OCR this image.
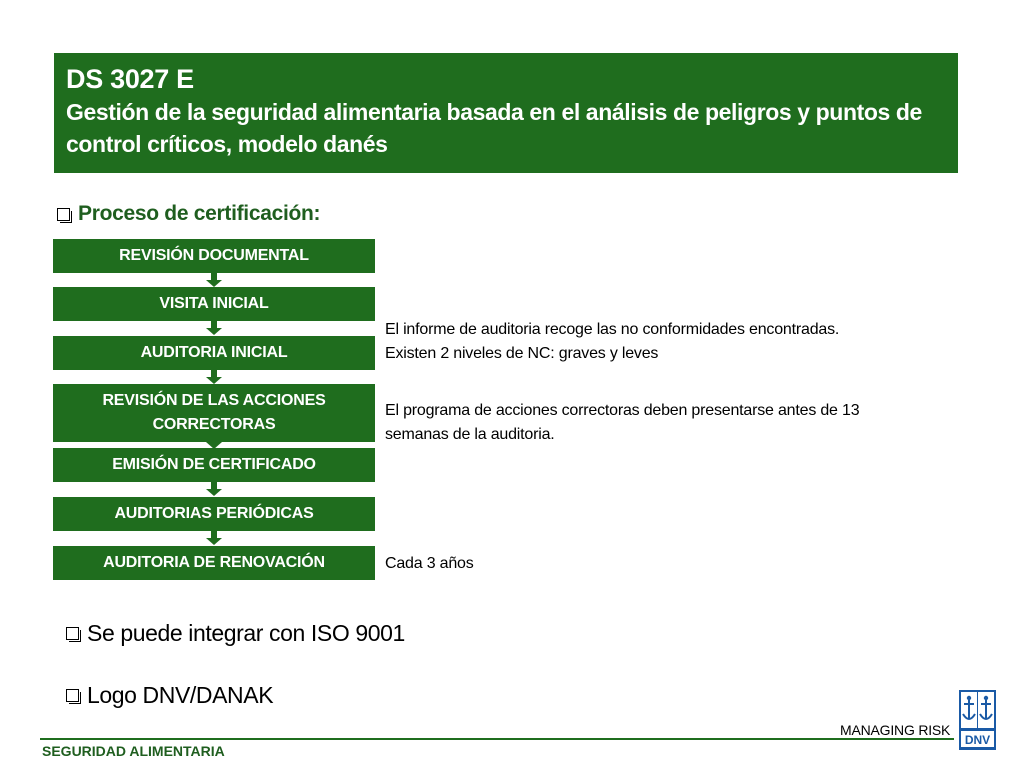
DS 3027 E
Gestión de la seguridad alimentaria basada en el análisis de peligros y puntos de control críticos, modelo danés
Proceso de certificación:
REVISIÓN DOCUMENTAL
VISITA INICIAL
AUDITORIA INICIAL
REVISIÓN DE LAS ACCIONES CORRECTORAS
EMISIÓN DE CERTIFICADO
AUDITORIAS PERIÓDICAS
AUDITORIA DE RENOVACIÓN
El informe de auditoria recoge las no conformidades encontradas.
Existen 2 niveles de NC: graves y leves
El programa de acciones correctoras deben presentarse antes de 13
semanas de la auditoria.
Cada 3 años
Se puede integrar con ISO 9001
Logo DNV/DANAK
MANAGING RISK
SEGURIDAD ALIMENTARIA
DNV
